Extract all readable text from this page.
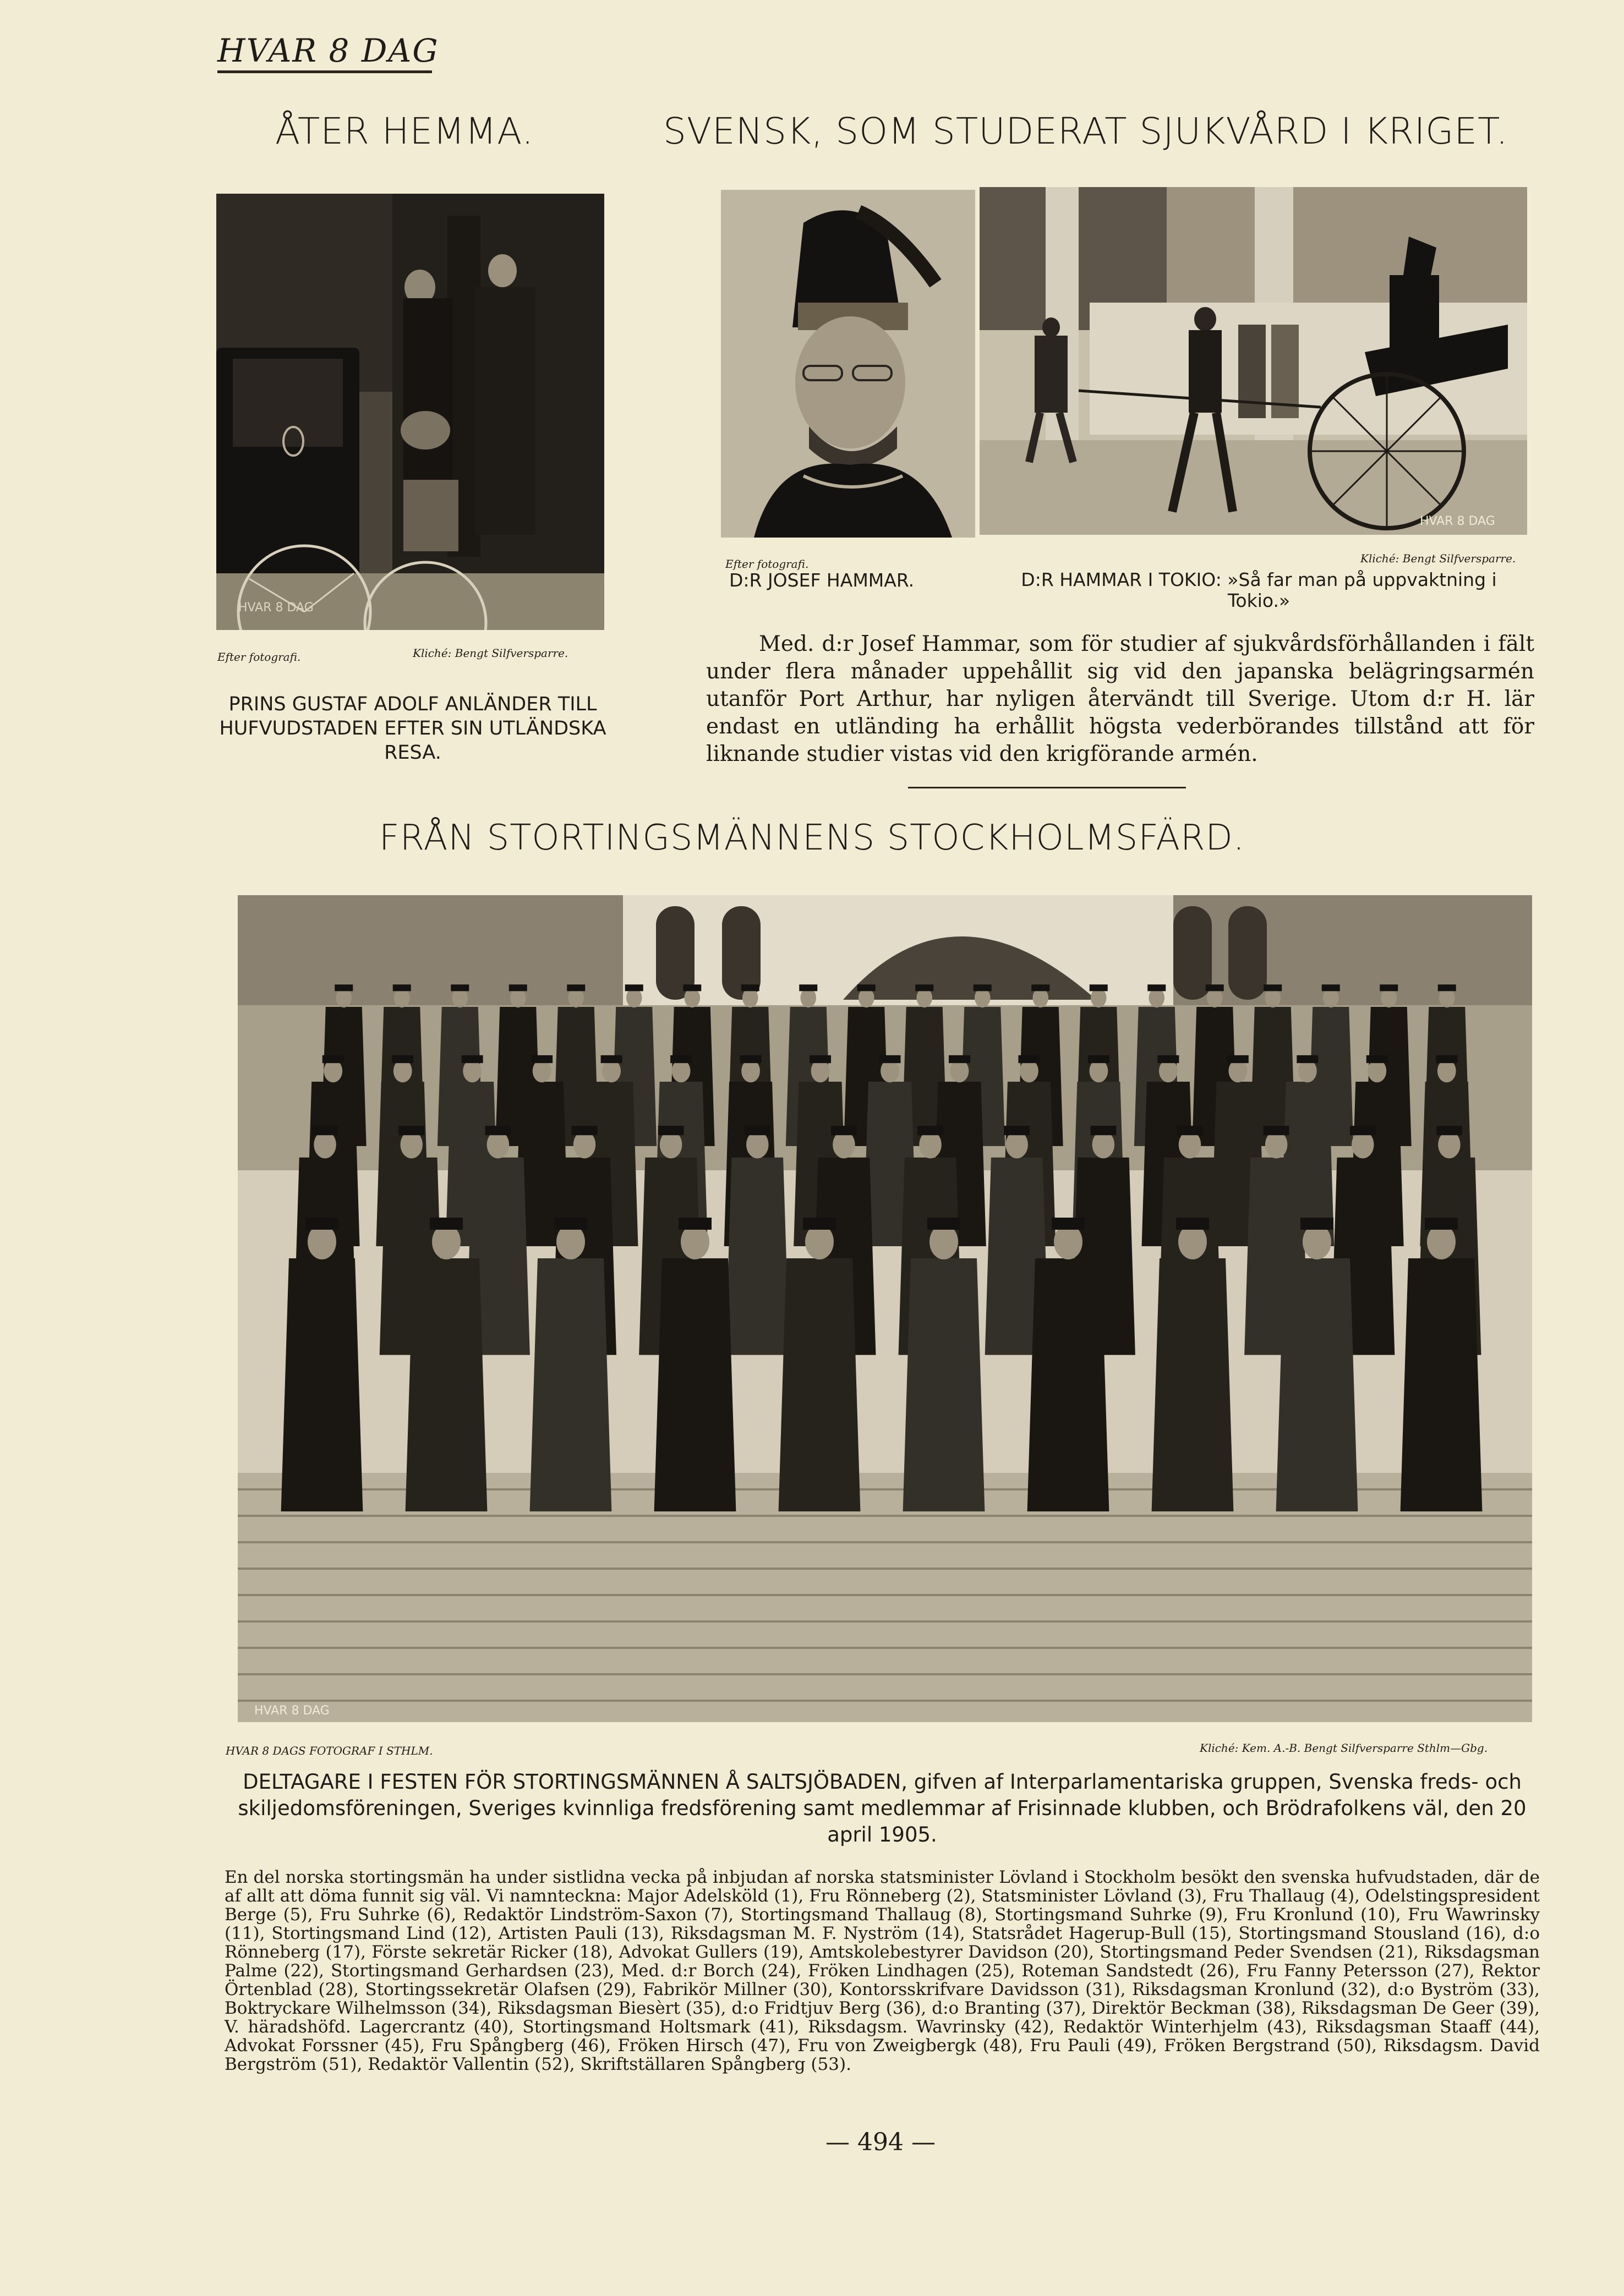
HVAR 8 DAG
ÅTER HEMMA.
HVAR 8 DAG
Efter fotografi.	Kliché: Bengt Silfversparre.
PRINS GUSTAF ADOLF ANLÄNDER TILL HUFVUDSTADEN EFTER SIN UTLÄNDSKA RESA.
SVENSK, SOM STUDERAT SJUKVÅRD I KRIGET.
HVAR 8 DAG
Efter fotografi.	Kliché: Bengt Silfversparre.
D:R JOSEF HAMMAR.	D:R HAMMAR I TOKIO: »Så far man på uppvaktning i Tokio.»
Med. d:r Josef Hammar, som för studier af sjukvårdsförhållanden i fält under flera månader uppehållit sig vid den japanska belägringsarmén utanför Port Arthur, har nyligen återvändt till Sverige. Utom d:r H. lär endast en utländing ha erhållit högsta vederbörandes tillstånd att för liknande studier vistas vid den krigförande armén.
FRÅN STORTINGSMÄNNENS STOCKHOLMSFÄRD.
HVAR 8 DAG
HVAR 8 DAGS FOTOGRAF I STHLM.	Kliché: Kem. A.-B. Bengt Silfversparre Sthlm—Gbg.
DELTAGARE I FESTEN FÖR STORTINGSMÄNNEN Å SALTSJÖBADEN, gifven af Interparlamentariska gruppen, Svenska freds- och skiljedomsföreningen, Sveriges kvinnliga fredsförening samt medlemmar af Frisinnade klubben, och Brödrafolkens väl, den 20 april 1905.
En del norska stortingsmän ha under sistlidna vecka på inbjudan af norska statsminister Lövland i Stockholm besökt den svenska hufvudstaden, där de af allt att döma funnit sig väl. Vi namnteckna: Major Adelsköld (1), Fru Rönneberg (2), Statsminister Lövland (3), Fru Thallaug (4), Odelstingspresident Berge (5), Fru Suhrke (6), Redaktör Lindström-Saxon (7), Stortingsmand Thallaug (8), Stortingsmand Suhrke (9), Fru Kronlund (10), Fru Wawrinsky (11), Stortingsmand Lind (12), Artisten Pauli (13), Riksdagsman M. F. Nyström (14), Statsrådet Hagerup-Bull (15), Stortingsmand Stousland (16), d:o Rönneberg (17), Förste sekretär Ricker (18), Advokat Gullers (19), Amtskolebestyrer Davidson (20), Stortingsmand Peder Svendsen (21), Riksdagsman Palme (22), Stortingsmand Gerhardsen (23), Med. d:r Borch (24), Fröken Lindhagen (25), Roteman Sandstedt (26), Fru Fanny Petersson (27), Rektor Örtenblad (28), Stortingssekretär Olafsen (29), Fabrikör Millner (30), Kontorsskrifvare Davidsson (31), Riksdagsman Kronlund (32), d:o Byström (33), Boktryckare Wilhelmsson (34), Riksdagsman Biesèrt (35), d:o Fridtjuv Berg (36), d:o Branting (37), Direktör Beckman (38), Riksdagsman De Geer (39), V. häradshöfd. Lagercrantz (40), Stortingsmand Holtsmark (41), Riksdagsm. Wavrinsky (42), Redaktör Winterhjelm (43), Riksdagsman Staaff (44), Advokat Forssner (45), Fru Spångberg (46), Fröken Hirsch (47), Fru von Zweigbergk (48), Fru Pauli (49), Fröken Bergstrand (50), Riksdagsm. David Bergström (51), Redaktör Vallentin (52), Skriftställaren Spångberg (53).
— 494 —
